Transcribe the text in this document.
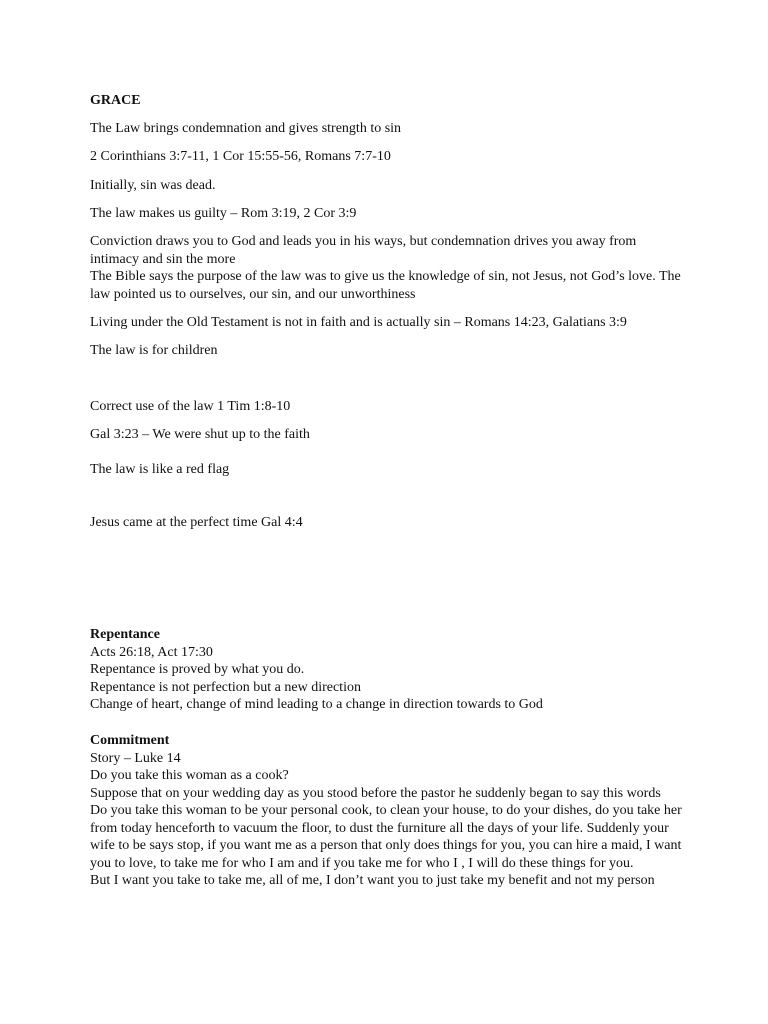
GRACE
The Law brings condemnation and gives strength to sin
2 Corinthians 3:7-11, 1 Cor 15:55-56, Romans 7:7-10
Initially, sin was dead.
The law makes us guilty – Rom 3:19, 2 Cor 3:9
Conviction draws you to God and leads you in his ways, but condemnation drives you away from intimacy and sin the more
The Bible says the purpose of the law was to give us the knowledge of sin, not Jesus, not God’s love. The law pointed us to ourselves, our sin, and our unworthiness
Living under the Old Testament is not in faith and is actually sin – Romans 14:23, Galatians 3:9
The law is for children
Correct use of the law 1 Tim 1:8-10
Gal 3:23 – We were shut up to the faith
The law is like a red flag
Jesus came at the perfect time Gal 4:4
Repentance
Acts 26:18, Act 17:30
Repentance is proved by what you do.
Repentance is not perfection but a new direction
Change of heart, change of mind leading to a change in direction towards to God
Commitment
Story – Luke 14
Do you take this woman as a cook?
Suppose that on your wedding day as you stood before the pastor he suddenly began to say this words
Do you take this woman to be your personal cook, to clean your house, to do your dishes, do you take her from today henceforth to vacuum the floor, to dust the furniture all the days of your life. Suddenly your wife to be says stop, if you want me as a person that only does things for you, you can hire a maid, I want you to love, to take me for who I am and if you take me for who I , I will do these things for you.
But I want you take to take me, all of me, I don’t want you to just take my benefit and not my person
